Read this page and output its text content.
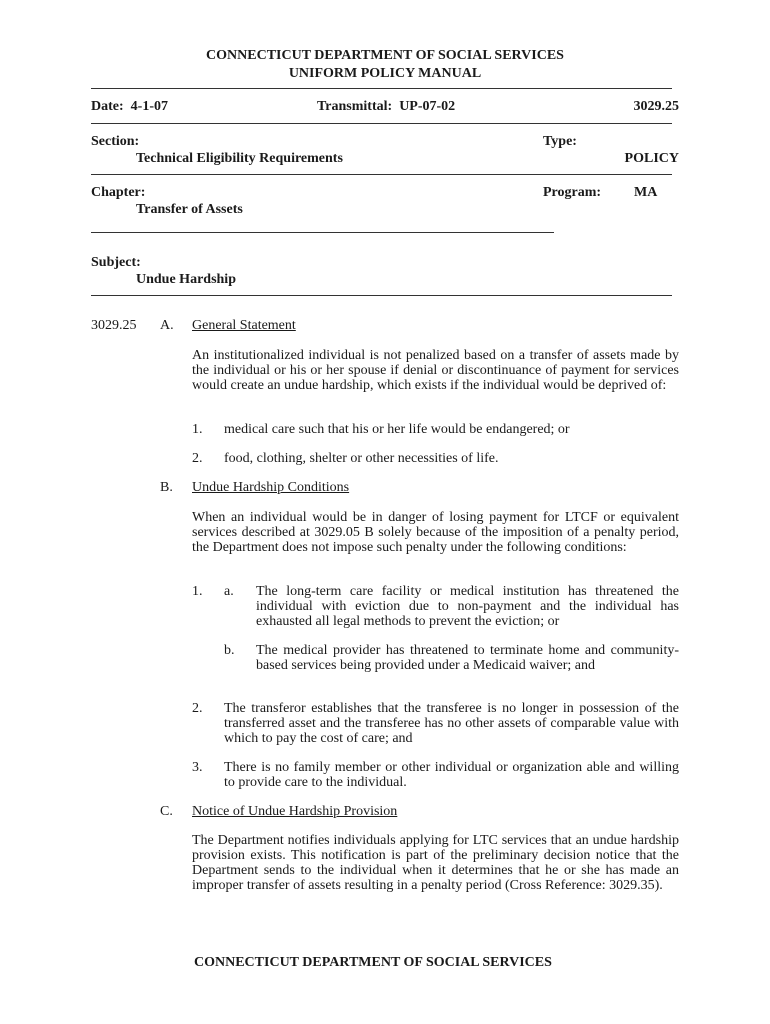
CONNECTICUT DEPARTMENT OF SOCIAL SERVICES
UNIFORM POLICY MANUAL
Date: 4-1-07	Transmittal: UP-07-02	3029.25
Section:
Technical Eligibility Requirements
Type:
POLICY
Chapter:
Transfer of Assets
Program: MA
Subject:
Undue Hardship
3029.25 A. General Statement
An institutionalized individual is not penalized based on a transfer of assets made by the individual or his or her spouse if denial or discontinuance of payment for services would create an undue hardship, which exists if the individual would be deprived of:
1. medical care such that his or her life would be endangered; or
2. food, clothing, shelter or other necessities of life.
B. Undue Hardship Conditions
When an individual would be in danger of losing payment for LTCF or equivalent services described at 3029.05 B solely because of the imposition of a penalty period, the Department does not impose such penalty under the following conditions:
1. a. The long-term care facility or medical institution has threatened the individual with eviction due to non-payment and the individual has exhausted all legal methods to prevent the eviction; or
b. The medical provider has threatened to terminate home and community-based services being provided under a Medicaid waiver; and
2. The transferor establishes that the transferee is no longer in possession of the transferred asset and the transferee has no other assets of comparable value with which to pay the cost of care; and
3. There is no family member or other individual or organization able and willing to provide care to the individual.
C. Notice of Undue Hardship Provision
The Department notifies individuals applying for LTC services that an undue hardship provision exists. This notification is part of the preliminary decision notice that the Department sends to the individual when it determines that he or she has made an improper transfer of assets resulting in a penalty period (Cross Reference: 3029.35).
CONNECTICUT DEPARTMENT OF SOCIAL SERVICES
